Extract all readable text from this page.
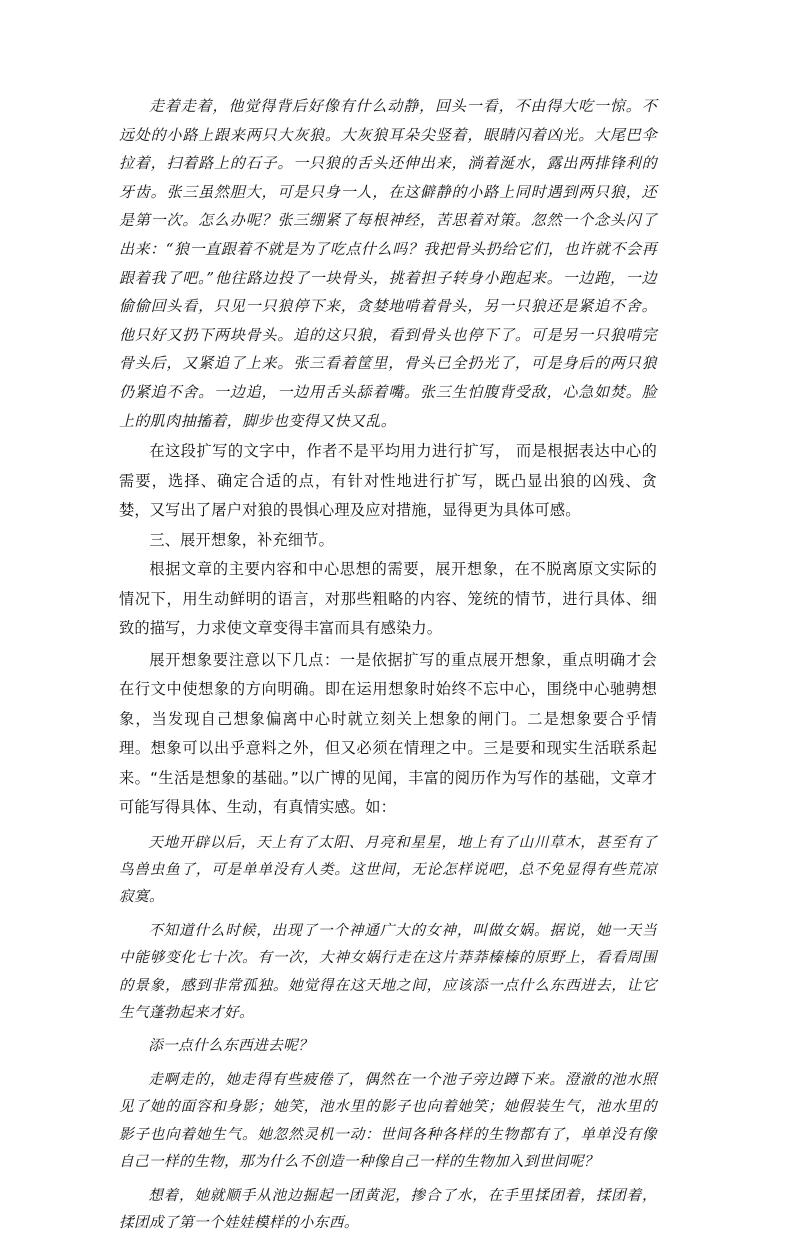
走着走着，他觉得背后好像有什么动静，回头一看，不由得大吃一惊。不远处的小路上跟来两只大灰狼。大灰狼耳朵尖竖着，眼睛闪着凶光。大尾巴伞拉着，扫着路上的石子。一只狼的舌头还伸出来，淌着涎水，露出两排锋利的牙齿。张三虽然胆大，可是只身一人，在这僻静的小路上同时遇到两只狼，还是第一次。怎么办呢？张三绷紧了每根神经，苦思着对策。忽然一个念头闪了出来：“狼一直跟着不就是为了吃点什么吗？我把骨头扔给它们，也许就不会再跟着我了吧。”他往路边投了一块骨头，挑着担子转身小跑起来。一边跑，一边偷偷回头看，只见一只狼停下来，贪婪地啃着骨头，另一只狼还是紧追不舍。他只好又扔下两块骨头。追的这只狼，看到骨头也停下了。可是另一只狼啃完骨头后，又紧追了上来。张三看着筐里，骨头已全扔光了，可是身后的两只狼仍紧追不舍。一边追，一边用舌头舔着嘴。张三生怕腹背受敌，心急如焚。脸上的肌肉抽搐着，脚步也变得又快又乱。

在这段扩写的文字中，作者不是平均用力进行扩写， 而是根据表达中心的需要，选择、确定合适的点，有针对性地进行扩写，既凸显出狼的凶残、贪婪，又写出了屠户对狼的畏惧心理及应对措施，显得更为具体可感。

三、展开想象，补充细节。

根据文章的主要内容和中心思想的需要，展开想象，在不脱离原文实际的情况下，用生动鲜明的语言，对那些粗略的内容、笼统的情节，进行具体、细致的描写，力求使文章变得丰富而具有感染力。

展开想象要注意以下几点：一是依据扩写的重点展开想象，重点明确才会在行文中使想象的方向明确。即在运用想象时始终不忘中心，围绕中心驰骋想象，当发现自己想象偏离中心时就立刻关上想象的闸门。二是想象要合乎情理。想象可以出乎意料之外，但又必须在情理之中。三是要和现实生活联系起来。“生活是想象的基础。”以广博的见闻，丰富的阅历作为写作的基础，文章才可能写得具体、生动，有真情实感。如：

天地开辟以后，天上有了太阳、月亮和星星，地上有了山川草木，甚至有了鸟兽虫鱼了，可是单单没有人类。这世间，无论怎样说吧，总不免显得有些荒凉寂寞。

不知道什么时候，出现了一个神通广大的女神，叫做女娲。据说，她一天当中能够变化七十次。有一次，大神女娲行走在这片莽莽榛榛的原野上，看看周围的景象，感到非常孤独。她觉得在这天地之间，应该添一点什么东西进去，让它生气蓬勃起来才好。

添一点什么东西进去呢？

走啊走的，她走得有些疲倦了，偶然在一个池子旁边蹲下来。澄澈的池水照见了她的面容和身影；她笑，池水里的影子也向着她笑；她假装生气，池水里的影子也向着她生气。她忽然灵机一动：世间各种各样的生物都有了，单单没有像自己一样的生物，那为什么不创造一种像自己一样的生物加入到世间呢？

想着，她就顺手从池边掘起一团黄泥，掺合了水，在手里揉团着，揉团着，揉团成了第一个娃娃模样的小东西。
